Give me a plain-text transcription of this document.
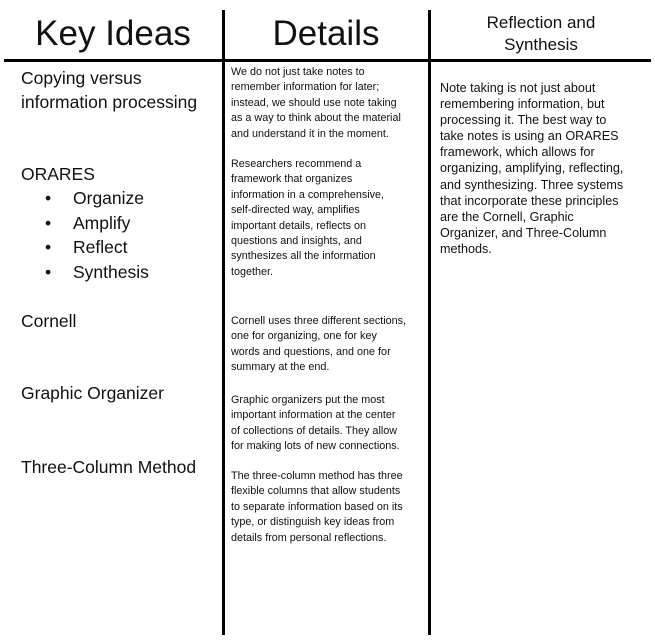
Key Ideas	Details	Reflection and
Synthesis
Copying versus
information processing
ORARES
• Organize
• Amplify
• Reflect
• Synthesis
Cornell
Graphic Organizer
Three-Column Method
We do not just take notes to
remember information for later;
instead, we should use note taking
as a way to think about the material
and understand it in the moment.
Researchers recommend a
framework that organizes
information in a comprehensive,
self-directed way, amplifies
important details, reflects on
questions and insights, and
synthesizes all the information
together.
Cornell uses three different sections,
one for organizing, one for key
words and questions, and one for
summary at the end.
Graphic organizers put the most
important information at the center
of collections of details. They allow
for making lots of new connections.
The three-column method has three
flexible columns that allow students
to separate information based on its
type, or distinguish key ideas from
details from personal reflections.
Note taking is not just about
remembering information, but
processing it. The best way to
take notes is using an ORARES
framework, which allows for
organizing, amplifying, reflecting,
and synthesizing. Three systems
that incorporate these principles
are the Cornell, Graphic
Organizer, and Three-Column
methods.
